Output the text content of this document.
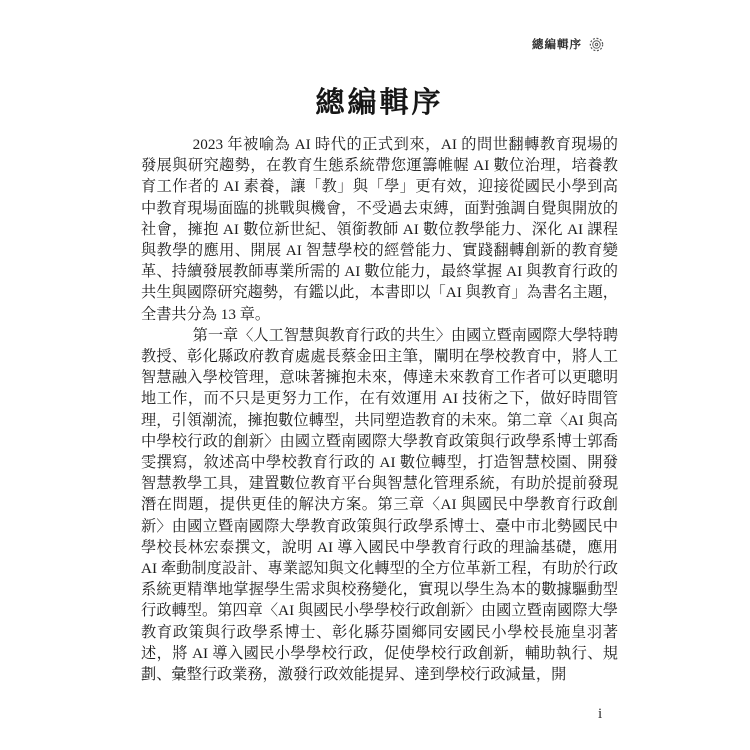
總編輯序
總編輯序

2023 年被喻為 AI 時代的正式到來，AI 的問世翻轉教育現場的發展與研究趨勢，在教育生態系統帶您運籌帷幄 AI 數位治理，培養教育工作者的 AI 素養，讓「教」與「學」更有效，迎接從國民小學到高中教育現場面臨的挑戰與機會，不受過去束縛，面對強調自覺與開放的社會，擁抱 AI 數位新世紀、領銜教師 AI 數位教學能力、深化 AI 課程與教學的應用、開展 AI 智慧學校的經營能力、實踐翻轉創新的教育變革、持續發展教師專業所需的 AI 數位能力，最終掌握 AI 與教育行政的共生與國際研究趨勢，有鑑以此，本書即以「AI 與教育」為書名主題，全書共分為 13 章。

第一章〈人工智慧與教育行政的共生〉由國立暨南國際大學特聘教授、彰化縣政府教育處處長蔡金田主筆，闡明在學校教育中，將人工智慧融入學校管理，意味著擁抱未來，傳達未來教育工作者可以更聰明地工作，而不只是更努力工作，在有效運用 AI 技術之下，做好時間管理，引領潮流，擁抱數位轉型，共同塑造教育的未來。第二章〈AI 與高中學校行政的創新〉由國立暨南國際大學教育政策與行政學系博士郭喬雯撰寫，敘述高中學校教育行政的 AI 數位轉型，打造智慧校園、開發智慧教學工具，建置數位教育平台與智慧化管理系統，有助於提前發現潛在問題，提供更佳的解決方案。第三章〈AI 與國民中學教育行政創新〉由國立暨南國際大學教育政策與行政學系博士、臺中市北勢國民中學校長林宏泰撰文，說明 AI 導入國民中學教育行政的理論基礎，應用 AI 牽動制度設計、專業認知與文化轉型的全方位革新工程，有助於行政系統更精準地掌握學生需求與校務變化，實現以學生為本的數據驅動型行政轉型。第四章〈AI 與國民小學學校行政創新〉由國立暨南國際大學教育政策與行政學系博士、彰化縣芬園鄉同安國民小學校長施皇羽著述，將 AI 導入國民小學學校行政，促使學校行政創新，輔助執行、規劃、彙整行政業務，激發行政效能提昇、達到學校行政減量，開

i
